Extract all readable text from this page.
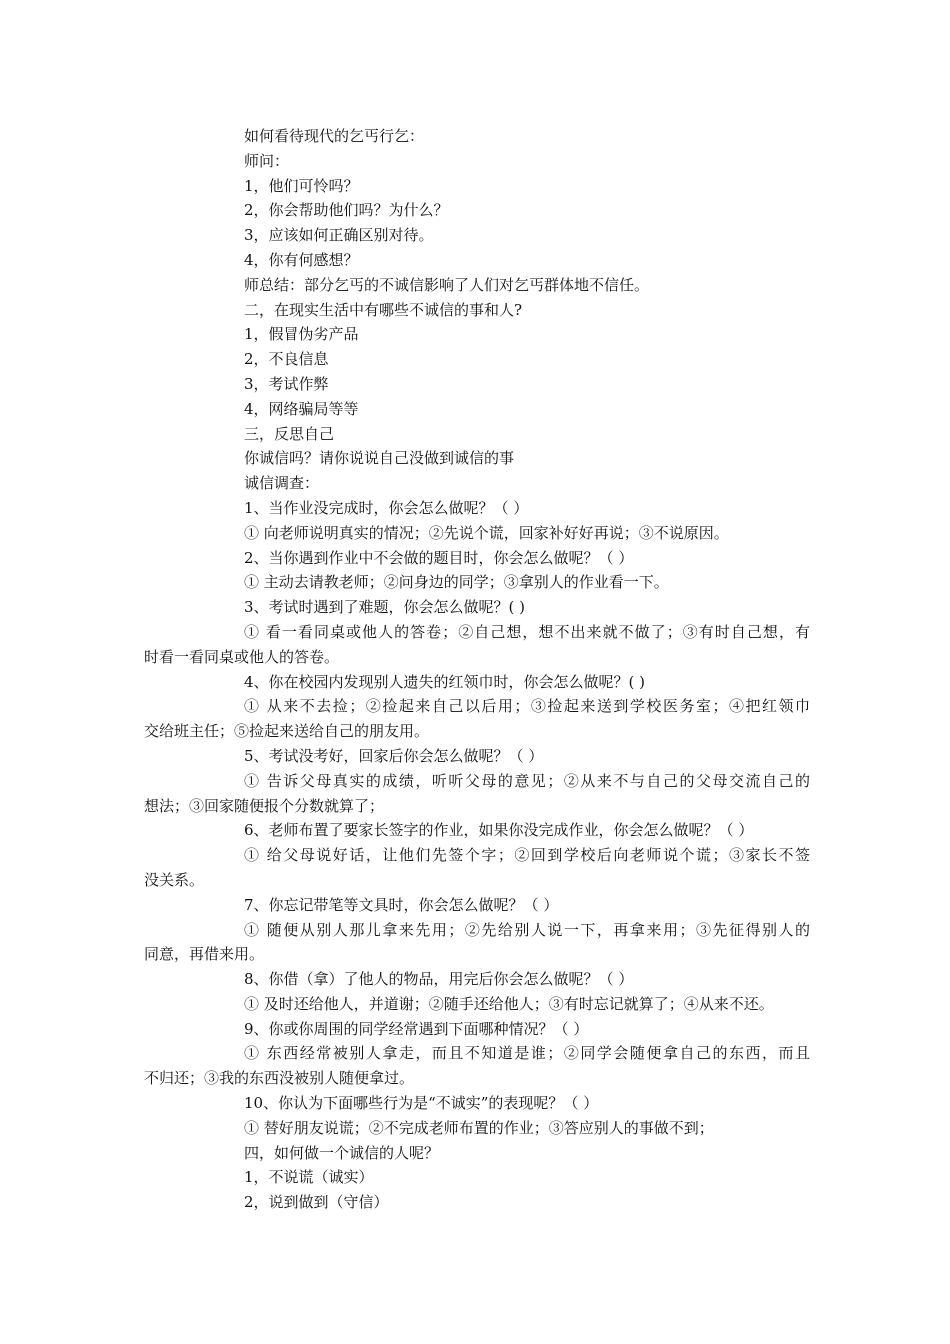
如何看待现代的乞丐行乞：
师问：
1，他们可怜吗？
2，你会帮助他们吗？为什么？
3，应该如何正确区别对待。
4，你有何感想？
师总结：部分乞丐的不诚信影响了人们对乞丐群体地不信任。
二，在现实生活中有哪些不诚信的事和人?
1，假冒伪劣产品
2，不良信息
3，考试作弊
4，网络骗局等等
三，反思自己
你诚信吗？请你说说自己没做到诚信的事
诚信调查：
1、当作业没完成时，你会怎么做呢？（ ）
① 向老师说明真实的情况；②先说个谎，回家补好好再说；③不说原因。
2、当你遇到作业中不会做的题目时，你会怎么做呢？（ ）
① 主动去请教老师；②问身边的同学；③拿别人的作业看一下。
3、考试时遇到了难题，你会怎么做呢？( )
① 看一看同桌或他人的答卷；②自己想，想不出来就不做了；③有时自己想，有
时看一看同桌或他人的答卷。
4、你在校园内发现别人遗失的红领巾时，你会怎么做呢？( )
① 从来不去捡；②捡起来自己以后用；③捡起来送到学校医务室；④把红领巾
交给班主任；⑤捡起来送给自己的朋友用。
5、考试没考好，回家后你会怎么做呢？（ ）
① 告诉父母真实的成绩，听听父母的意见；②从来不与自己的父母交流自己的
想法；③回家随便报个分数就算了；
6、老师布置了要家长签字的作业，如果你没完成作业，你会怎么做呢？（ ）
① 给父母说好话，让他们先签个字；②回到学校后向老师说个谎；③家长不签
没关系。
7、你忘记带笔等文具时，你会怎么做呢？（ ）
① 随便从别人那儿拿来先用；②先给别人说一下，再拿来用；③先征得别人的
同意，再借来用。
8、你借（拿）了他人的物品，用完后你会怎么做呢？（ ）
① 及时还给他人，并道谢；②随手还给他人；③有时忘记就算了；④从来不还。
9、你或你周围的同学经常遇到下面哪种情况？（ ）
① 东西经常被别人拿走，而且不知道是谁；②同学会随便拿自己的东西，而且
不归还；③我的东西没被别人随便拿过。
10、你认为下面哪些行为是“不诚实”的表现呢？（ ）
① 替好朋友说谎；②不完成老师布置的作业；③答应别人的事做不到；
四，如何做一个诚信的人呢？
1，不说谎（诚实）
2，说到做到（守信）
